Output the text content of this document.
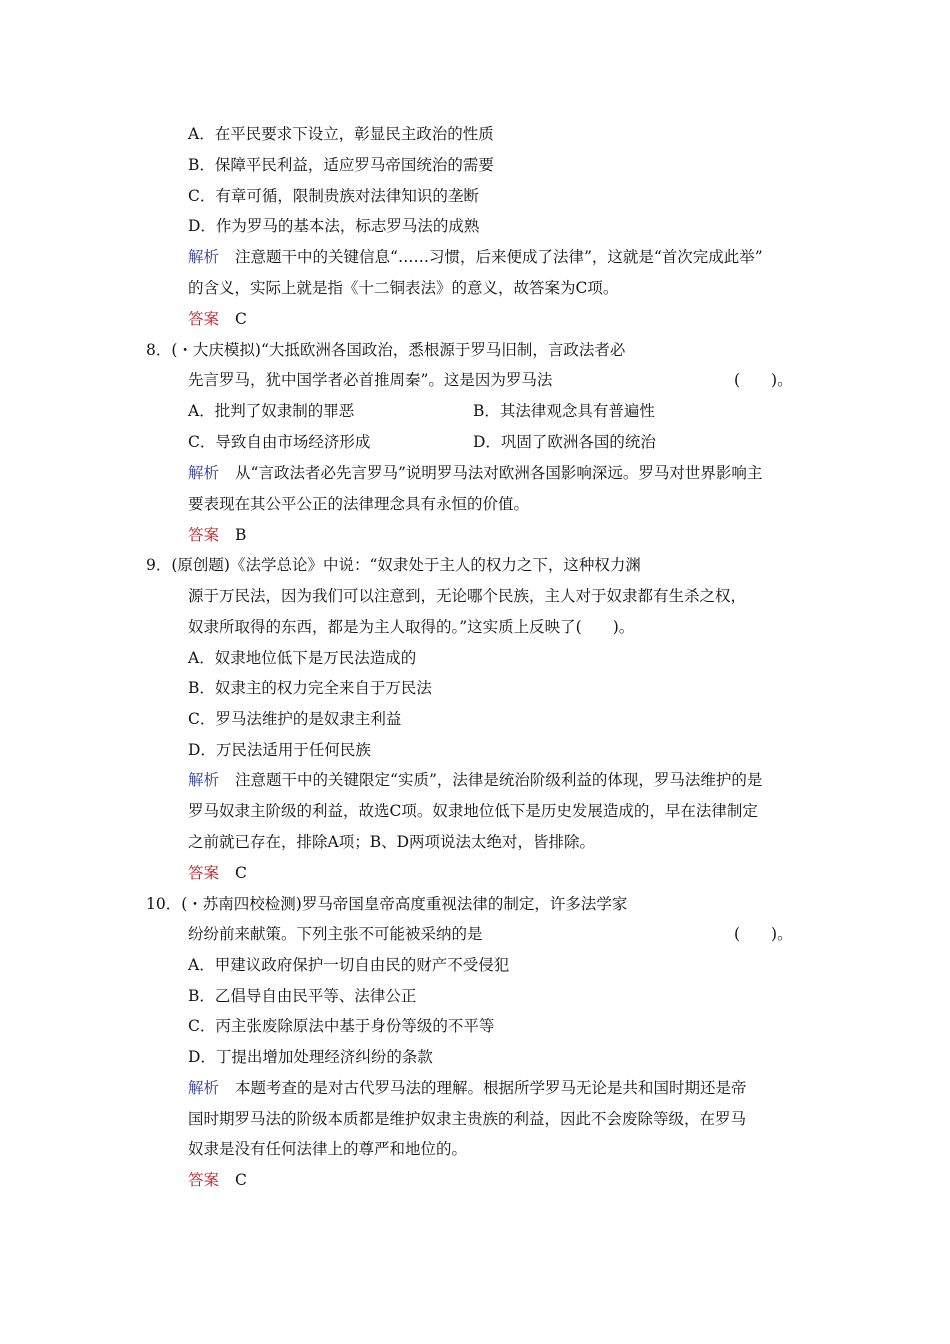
A．在平民要求下设立，彰显民主政治的性质
B．保障平民利益，适应罗马帝国统治的需要
C．有章可循，限制贵族对法律知识的垄断
D．作为罗马的基本法，标志罗马法的成熟
解析 注意题干中的关键信息“……习惯，后来便成了法律”，这就是“首次完成此举”
的含义，实际上就是指《十二铜表法》的意义，故答案为C项。
答案 C
8．(・大庆模拟)“大抵欧洲各国政治，悉根源于罗马旧制，言政法者必
先言罗马，犹中国学者必首推周秦”。这是因为罗马法	(　　)。
A．批判了奴隶制的罪恶	B．其法律观念具有普遍性
C．导致自由市场经济形成	D．巩固了欧洲各国的统治
解析 从“言政法者必先言罗马”说明罗马法对欧洲各国影响深远。罗马对世界影响主
要表现在其公平公正的法律理念具有永恒的价值。
答案 B
9．(原创题)《法学总论》中说：“奴隶处于主人的权力之下，这种权力渊
源于万民法，因为我们可以注意到，无论哪个民族，主人对于奴隶都有生杀之权，
奴隶所取得的东西，都是为主人取得的。”这实质上反映了(　　)。
A．奴隶地位低下是万民法造成的
B．奴隶主的权力完全来自于万民法
C．罗马法维护的是奴隶主利益
D．万民法适用于任何民族
解析 注意题干中的关键限定“实质”，法律是统治阶级利益的体现，罗马法维护的是
罗马奴隶主阶级的利益，故选C项。奴隶地位低下是历史发展造成的，早在法律制定
之前就已存在，排除A项；B、D两项说法太绝对，皆排除。
答案 C
10．(・苏南四校检测)罗马帝国皇帝高度重视法律的制定，许多法学家
纷纷前来献策。下列主张不可能被采纳的是	(　　)。
A．甲建议政府保护一切自由民的财产不受侵犯
B．乙倡导自由民平等、法律公正
C．丙主张废除原法中基于身份等级的不平等
D．丁提出增加处理经济纠纷的条款
解析 本题考查的是对古代罗马法的理解。根据所学罗马无论是共和国时期还是帝
国时期罗马法的阶级本质都是维护奴隶主贵族的利益，因此不会废除等级，在罗马
奴隶是没有任何法律上的尊严和地位的。
答案 C
